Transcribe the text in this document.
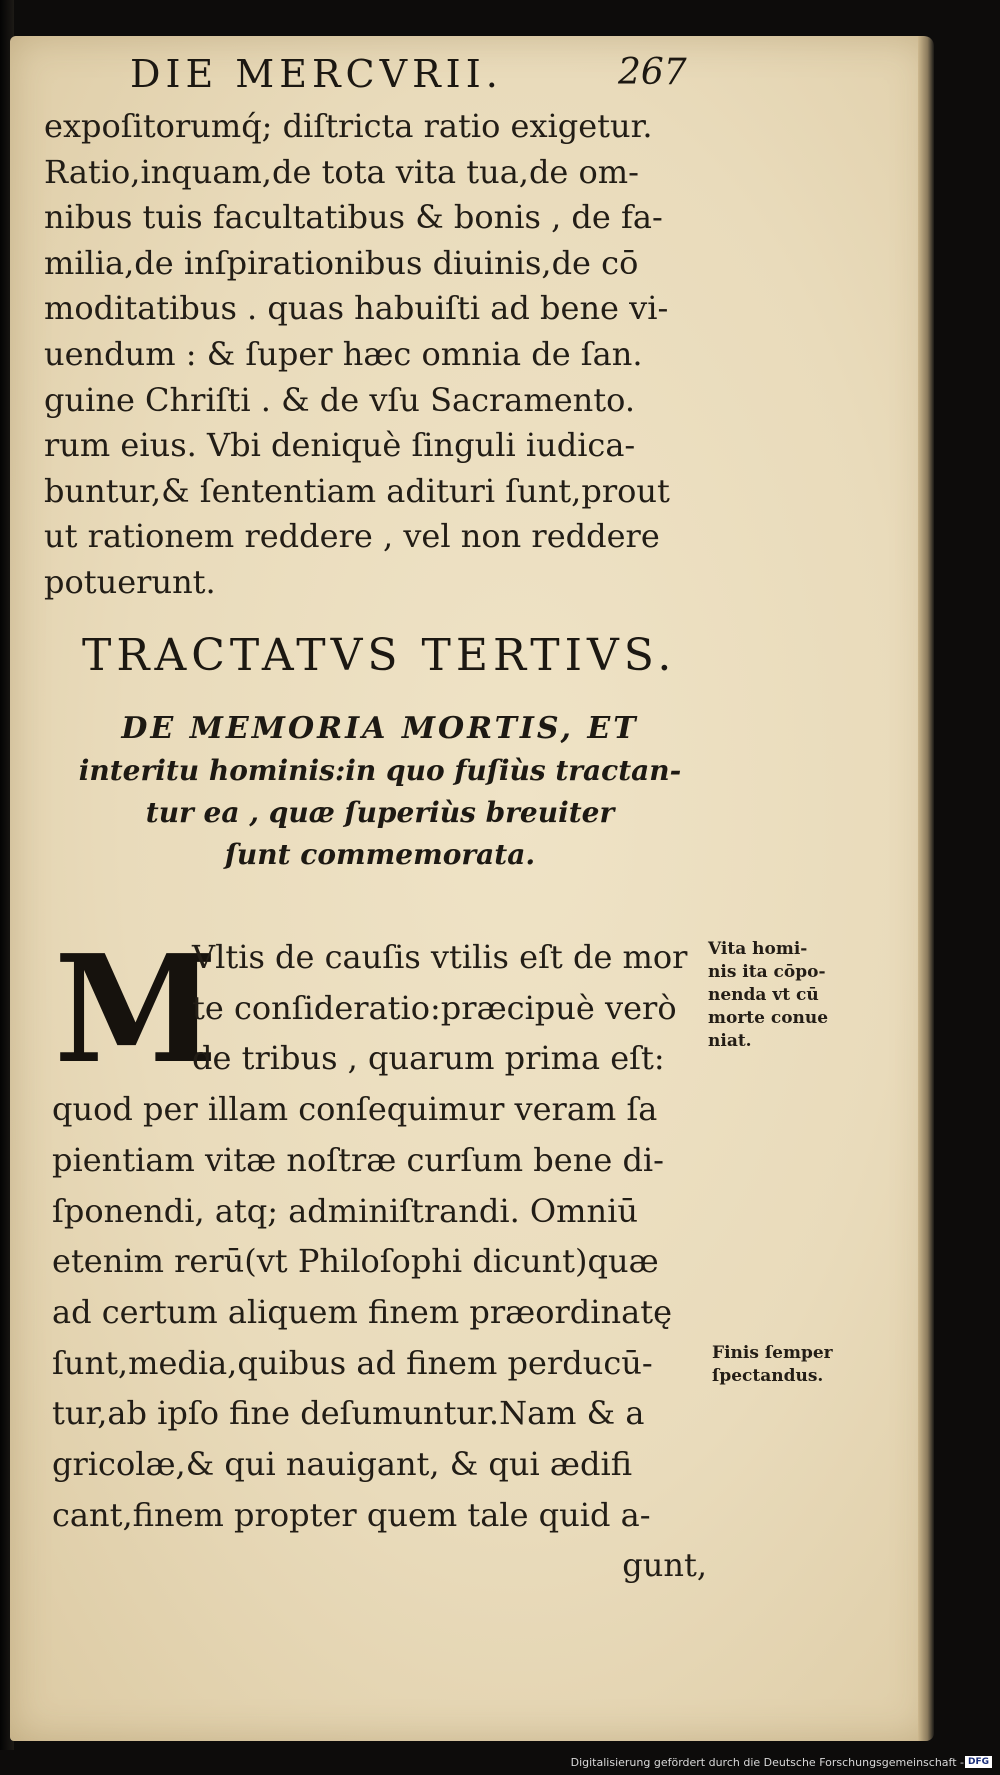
DIE MERCVRII.	267
expoſitorumq́; diſtricta ratio exigetur.
Ratio,inquam,de tota vita tua,de om-
nibus tuis facultatibus & bonis , de fa-
milia,de inſpirationibus diuinis,de cō
moditatibus . quas habuiſti ad bene vi-
uendum : & ſuper hæc omnia de ſan.
guine Chriſti . & de vſu Sacramento.
rum eius. Vbi deniquè ſinguli iudica-
buntur,& ſententiam adituri ſunt,prout
ut rationem reddere , vel non reddere
potuerunt.
TRACTATVS TERTIVS.
DE MEMORIA MORTIS, ET
interitu hominis:in quo fuſiùs tractan-
tur ea , quæ ſuperiùs breuiter
ſunt commemorata.
M
Vltis de cauſis vtilis eſt de mor
te conſideratio:præcipuè verò
de tribus , quarum prima eſt:
quod per illam conſequimur veram ſa
pientiam vitæ noſtræ curſum bene di-
ſponendi, atq; adminiſtrandi. Omniū
etenim rerū(vt Philoſophi dicunt)quæ
ad certum aliquem finem præordinatę
ſunt,media,quibus ad finem perducū-
tur,ab ipſo fine deſumuntur.Nam & a
gricolæ,& qui nauigant, & qui ædifi
cant,finem propter quem tale quid a-
gunt,
Vita homi-
nis ita cōpo-
nenda vt cū
morte conue
niat.
Finis ſemper
ſpectandus.
Digitalisierung gefördert durch die Deutsche Forschungsgemeinschaft - DFG
